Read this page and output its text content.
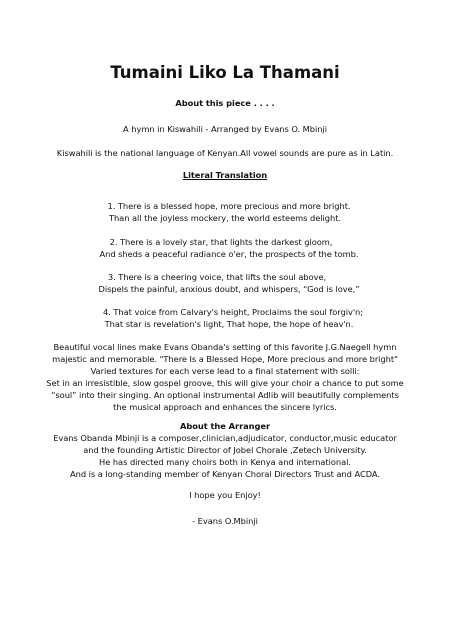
Tumaini Liko La Thamani
About this piece . . . .
A hymn in Kiswahili - Arranged by Evans O. Mbinji
Kiswahili is the national language of Kenyan.All vowel sounds are pure as in Latin.
Literal Translation
1. There is a blessed hope, more precious and more bright.
Than all the joyless mockery, the world esteems delight.
2. There is a lovely star, that lights the darkest gloom,
And sheds a peaceful radiance o'er, the prospects of the tomb.
3. There is a cheering voice, that lifts the soul above,
Dispels the painful, anxious doubt, and whispers, “God is love,”
4. That voice from Calvary's height, Proclaims the soul forgiv'n;
That star is revelation's light, That hope, the hope of heav'n.
Beautiful vocal lines make Evans Obanda's setting of this favorite J.G.Naegell hymn
majestic and memorable. "There Is a Blessed Hope, More precious and more bright"
Varied textures for each verse lead to a final statement with solli:
Set in an irresistible, slow gospel groove, this will give your choir a chance to put some
“soul” into their singing. An optional instrumental Adlib will beautifully complements
the musical approach and enhances the sincere lyrics.
About the Arranger
Evans Obanda Mbinji is a composer,clinician,adjudicator, conductor,music educator
and the founding Artistic Director of Jobel Chorale ,Zetech University.
He has directed many choirs both in Kenya and international.
And is a long-standing member of Kenyan Choral Directors Trust and ACDA.
I hope you Enjoy!
- Evans O.Mbinji
